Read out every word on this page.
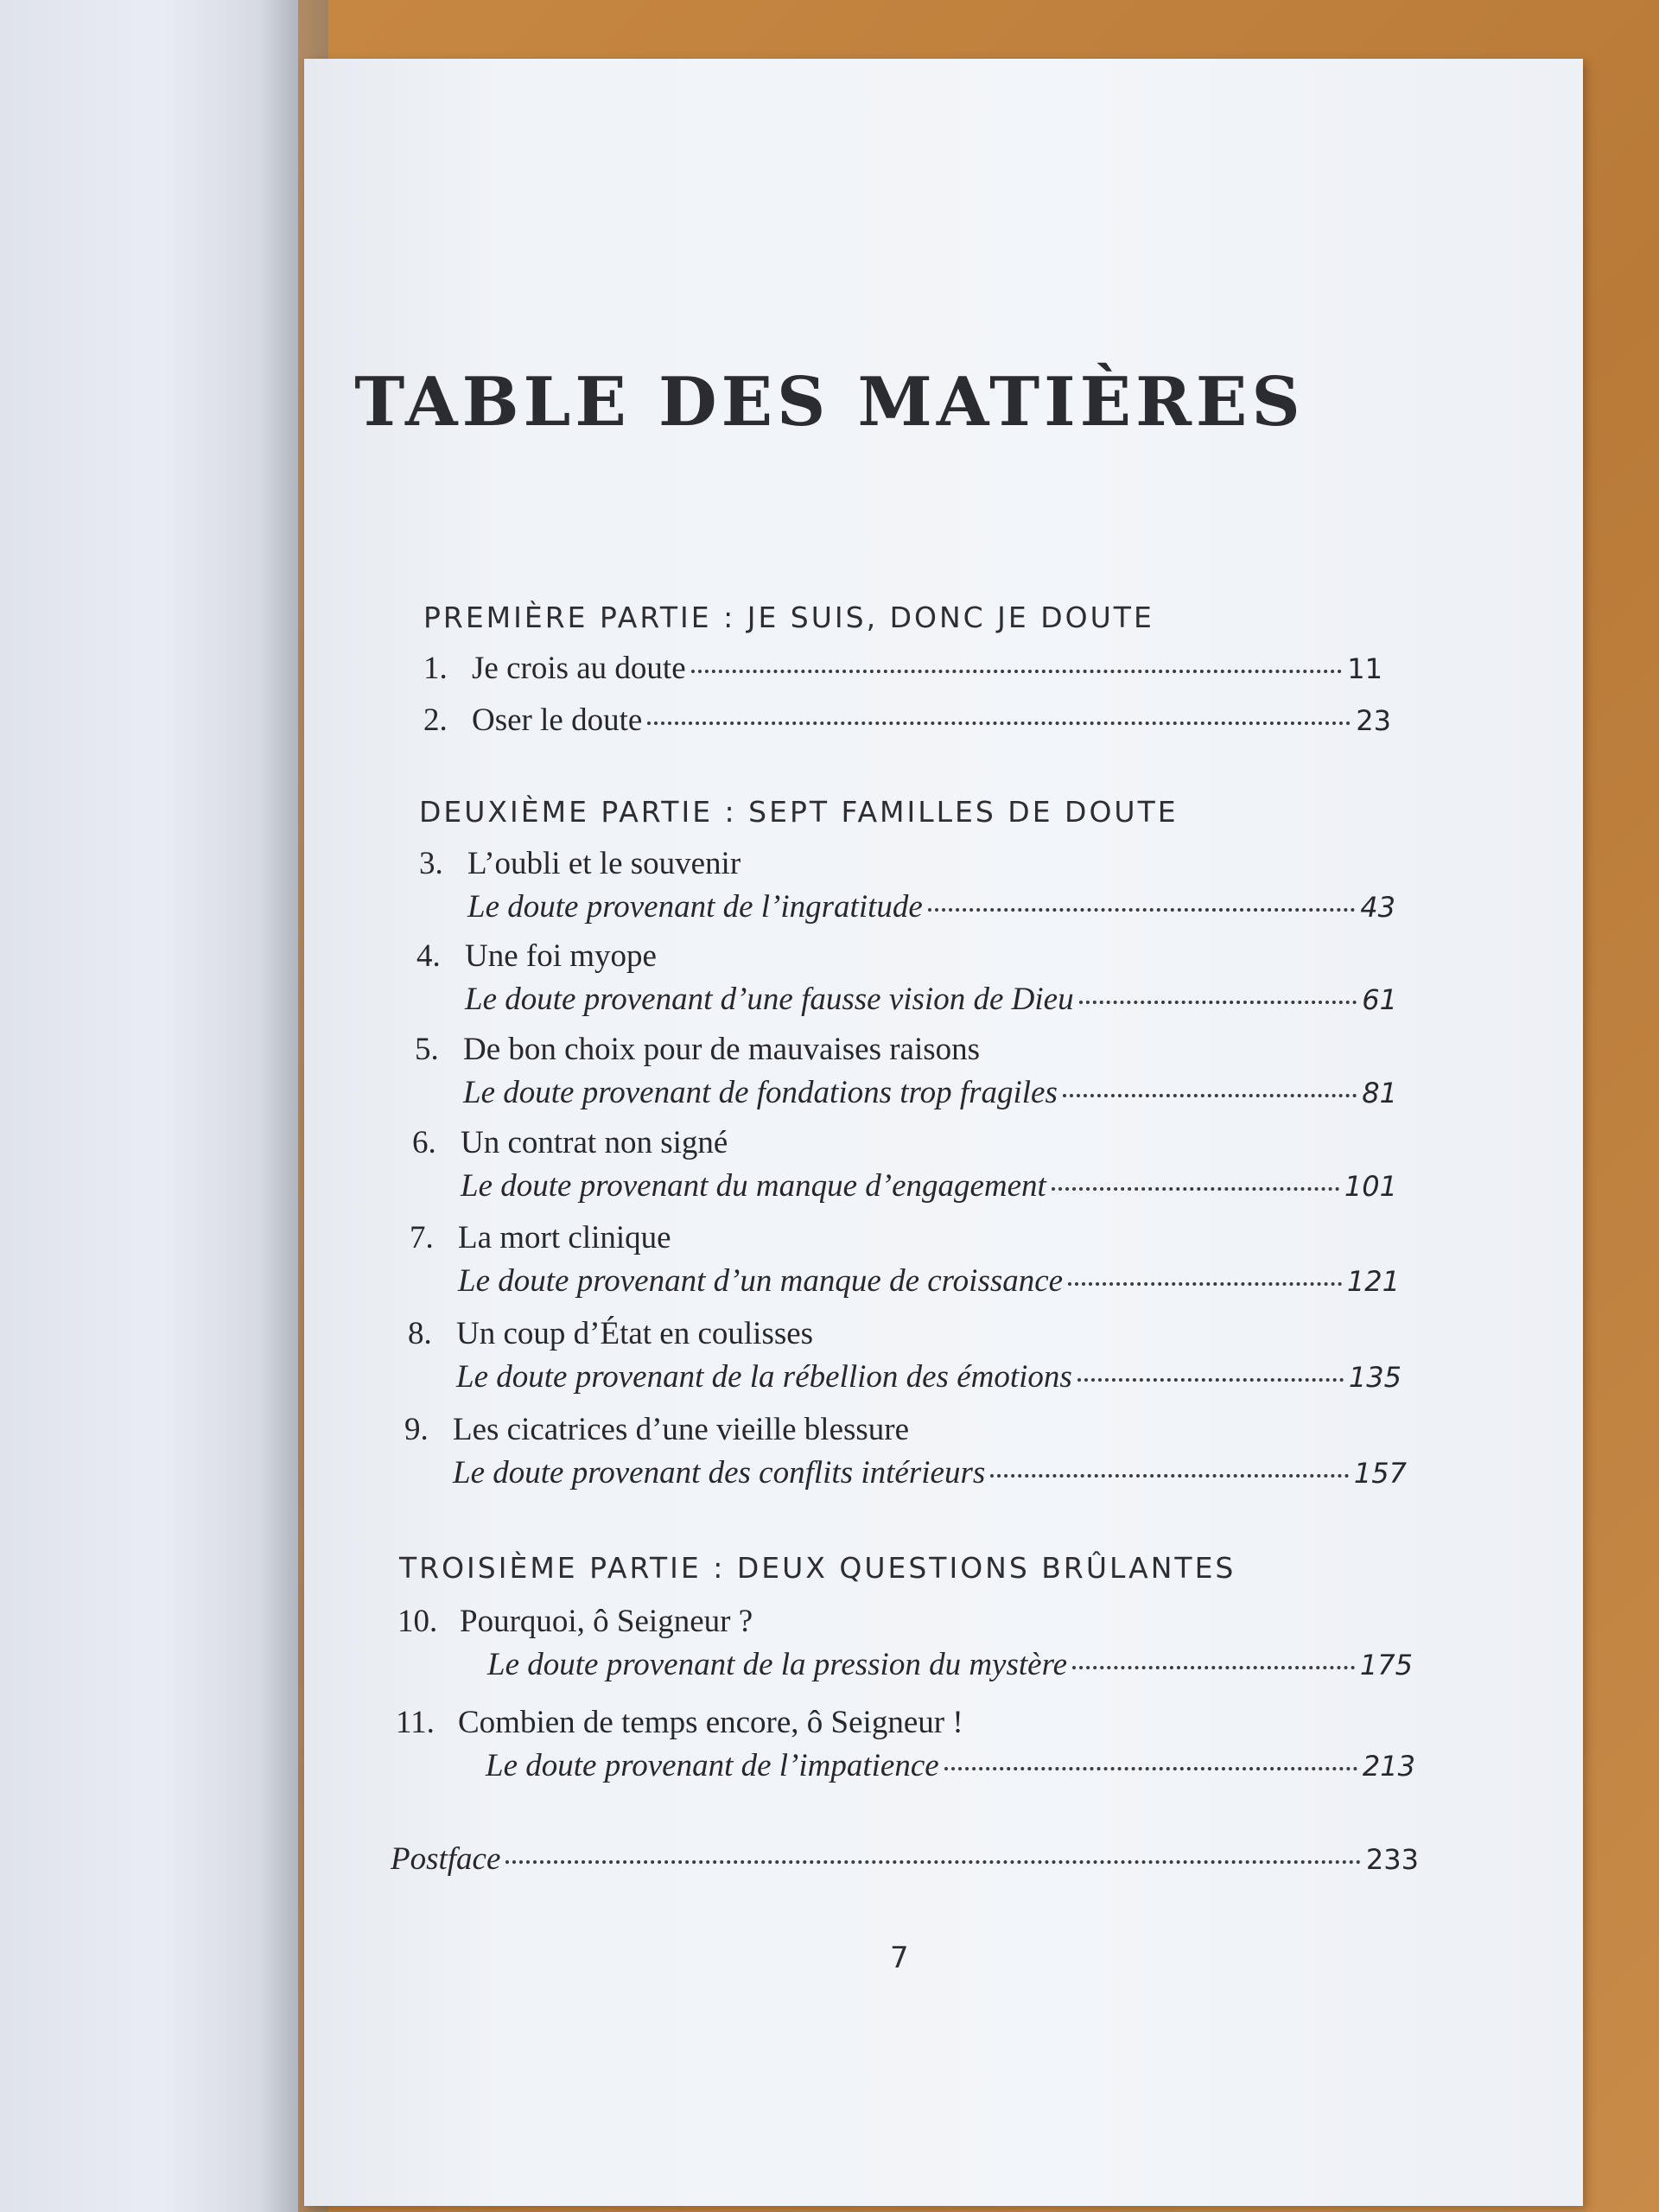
TABLE DES MATIÈRES
PREMIÈRE PARTIE : JE SUIS, DONC JE DOUTE
1. Je crois au doute	11
2. Oser le doute	23
DEUXIÈME PARTIE : SEPT FAMILLES DE DOUTE
3. L’oubli et le souvenir
Le doute provenant de l’ingratitude	43
4. Une foi myope
Le doute provenant d’une fausse vision de Dieu	61
5. De bon choix pour de mauvaises raisons
Le doute provenant de fondations trop fragiles	81
6. Un contrat non signé
Le doute provenant du manque d’engagement	101
7. La mort clinique
Le doute provenant d’un manque de croissance	121
8. Un coup d’État en coulisses
Le doute provenant de la rébellion des émotions	135
9. Les cicatrices d’une vieille blessure
Le doute provenant des conflits intérieurs	157
TROISIÈME PARTIE : DEUX QUESTIONS BRÛLANTES
10. Pourquoi, ô Seigneur ?
Le doute provenant de la pression du mystère	175
11. Combien de temps encore, ô Seigneur !
Le doute provenant de l’impatience	213
Postface	233
7
